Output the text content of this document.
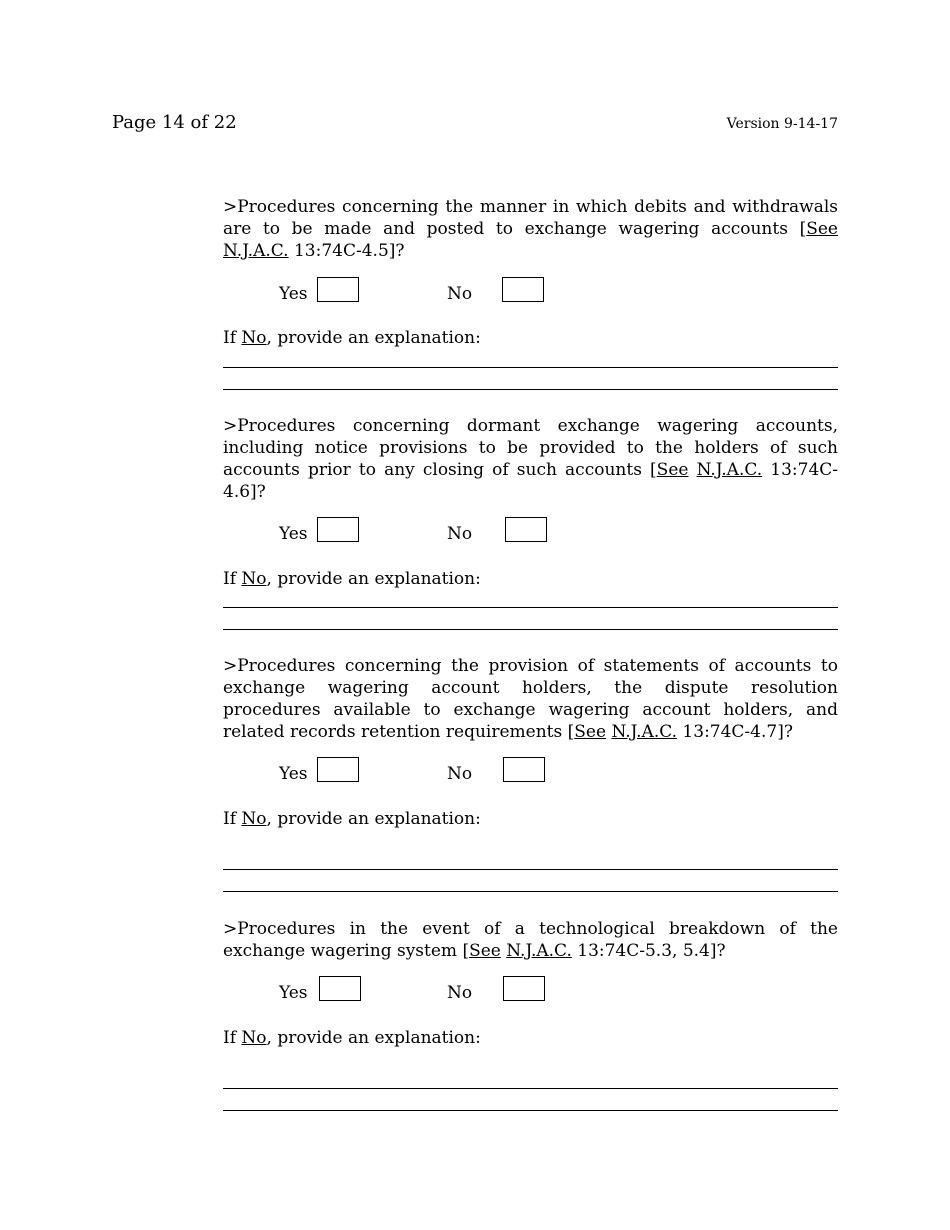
Page 14 of 22	Version 9-14-17

>Procedures concerning the manner in which debits and withdrawals are to be made and posted to exchange wagering accounts [See N.J.A.C. 13:74C-4.5]?

Yes	No

If No, provide an explanation:

>Procedures concerning dormant exchange wagering accounts, including notice provisions to be provided to the holders of such accounts prior to any closing of such accounts [See N.J.A.C. 13:74C-4.6]?

Yes	No

If No, provide an explanation:

>Procedures concerning the provision of statements of accounts to exchange wagering account holders, the dispute resolution procedures available to exchange wagering account holders, and related records retention requirements [See N.J.A.C. 13:74C-4.7]?

Yes	No

If No, provide an explanation:

>Procedures in the event of a technological breakdown of the exchange wagering system [See N.J.A.C. 13:74C-5.3, 5.4]?

Yes	No

If No, provide an explanation:
